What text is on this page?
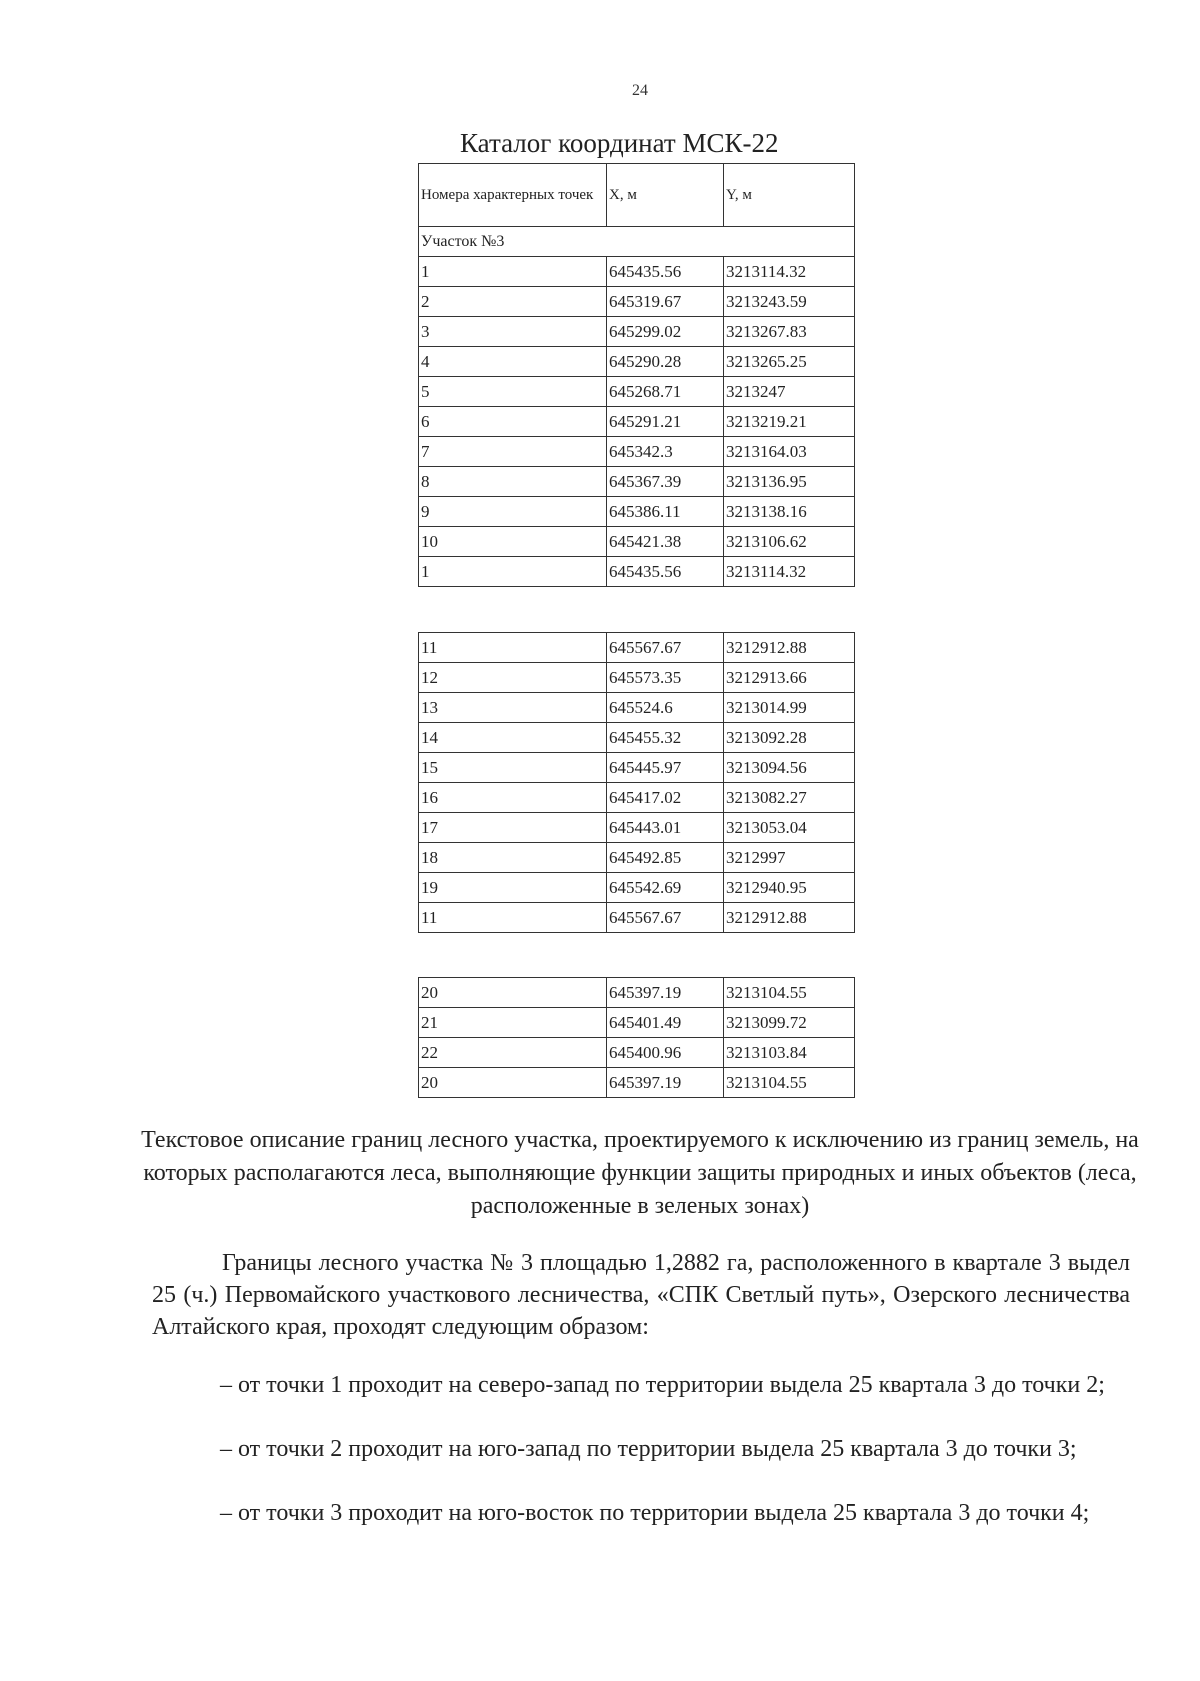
24
Каталог координат МСК-22
Номера характерных точек	X, м	Y, м
Участок №3		
1	645435.56	3213114.32
2	645319.67	3213243.59
3	645299.02	3213267.83
4	645290.28	3213265.25
5	645268.71	3213247
6	645291.21	3213219.21
7	645342.3	3213164.03
8	645367.39	3213136.95
9	645386.11	3213138.16
10	645421.38	3213106.62
1	645435.56	3213114.32
11	645567.67	3212912.88
12	645573.35	3212913.66
13	645524.6	3213014.99
14	645455.32	3213092.28
15	645445.97	3213094.56
16	645417.02	3213082.27
17	645443.01	3213053.04
18	645492.85	3212997
19	645542.69	3212940.95
11	645567.67	3212912.88
20	645397.19	3213104.55
21	645401.49	3213099.72
22	645400.96	3213103.84
20	645397.19	3213104.55
Текстовое описание границ лесного участка, проектируемого к исключению из границ земель, на которых располагаются леса, выполняющие функции защиты природных и иных объектов (леса, расположенные в зеленых зонах)

Границы лесного участка № 3 площадью 1,2882 га, расположенного в квартале 3 выдел 25 (ч.) Первомайского участкового лесничества, «СПК Светлый путь», Озерского лесничества Алтайского края, проходят следующим образом:

– от точки 1 проходит на северо-запад по территории выдела 25 квартала 3 до точки 2;

– от точки 2 проходит на юго-запад по территории выдела 25 квартала 3 до точки 3;

– от точки 3 проходит на юго-восток по территории выдела 25 квартала 3 до точки 4;
